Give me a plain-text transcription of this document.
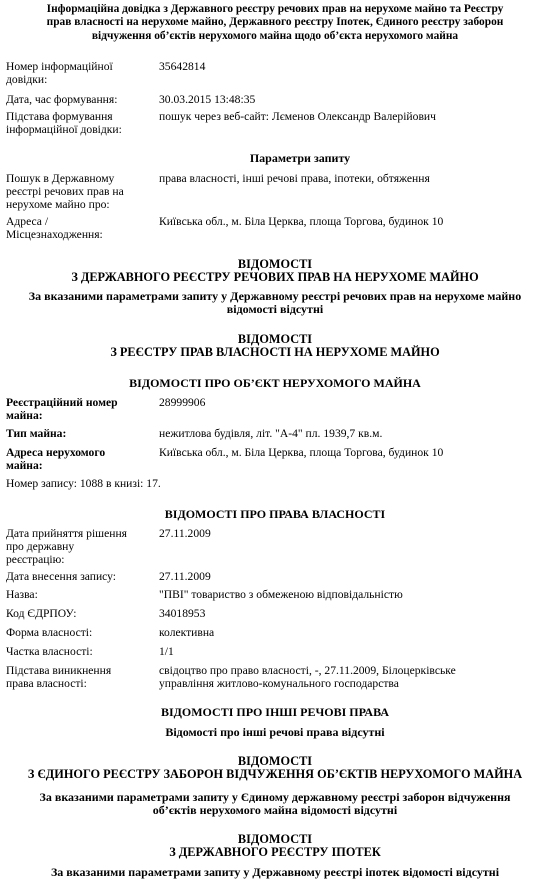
Інформаційна довідка з Державного реєстру речових прав на нерухоме майно та Реєстру
прав власності на нерухоме майно, Державного реєстру Іпотек, Єдиного реєстру заборон
відчуження об’єктів нерухомого майна щодо об’єкта нерухомого майна
Номер інформаційної
довідки:
35642814
Дата, час формування:	30.03.2015 13:48:35
Підстава формування
інформаційної довідки:
пошук через веб-сайт: Лєменов Олександр Валерійович
Параметри запиту
Пошук в Державному
реєстрі речових прав на
нерухоме майно про:
права власності, інші речові права, іпотеки, обтяження
Адреса /
Місцезнаходження:
Київська обл., м. Біла Церква, площа Торгова, будинок 10
ВІДОМОСТІ
З ДЕРЖАВНОГО РЕЄСТРУ РЕЧОВИХ ПРАВ НА НЕРУХОМЕ МАЙНО
За вказаними параметрами запиту у Державному реєстрі речових прав на нерухоме майно
відомості відсутні
ВІДОМОСТІ
З РЕЄСТРУ ПРАВ ВЛАСНОСТІ НА НЕРУХОМЕ МАЙНО
ВІДОМОСТІ ПРО ОБ’ЄКТ НЕРУХОМОГО МАЙНА
Реєстраційний номер
майна:
28999906
Тип майна:	нежитлова будівля, літ. "А-4" пл. 1939,7 кв.м.
Адреса нерухомого
майна:
Київська обл., м. Біла Церква, площа Торгова, будинок 10
Номер запису: 1088 в книзі: 17.
ВІДОМОСТІ ПРО ПРАВА ВЛАСНОСТІ
Дата прийняття рішення
про державну
реєстрацію:
27.11.2009
Дата внесення запису:	27.11.2009
Назва:	"ПВІ" товариство з обмеженою відповідальністю
Код ЄДРПОУ:	34018953
Форма власності:	колективна
Частка власності:	1/1
Підстава виникнення
права власності:
свідоцтво про право власності, -, 27.11.2009, Білоцерківське
управління житлово-комунального господарства
ВІДОМОСТІ ПРО ІНШІ РЕЧОВІ ПРАВА
Відомості про інші речові права відсутні
ВІДОМОСТІ
З ЄДИНОГО РЕЄСТРУ ЗАБОРОН ВІДЧУЖЕННЯ ОБ’ЄКТІВ НЕРУХОМОГО МАЙНА
За вказаними параметрами запиту у Єдиному державному реєстрі заборон відчуження
об’єктів нерухомого майна відомості відсутні
ВІДОМОСТІ
З ДЕРЖАВНОГО РЕЄСТРУ ІПОТЕК
За вказаними параметрами запиту у Державному реєстрі іпотек відомості відсутні
